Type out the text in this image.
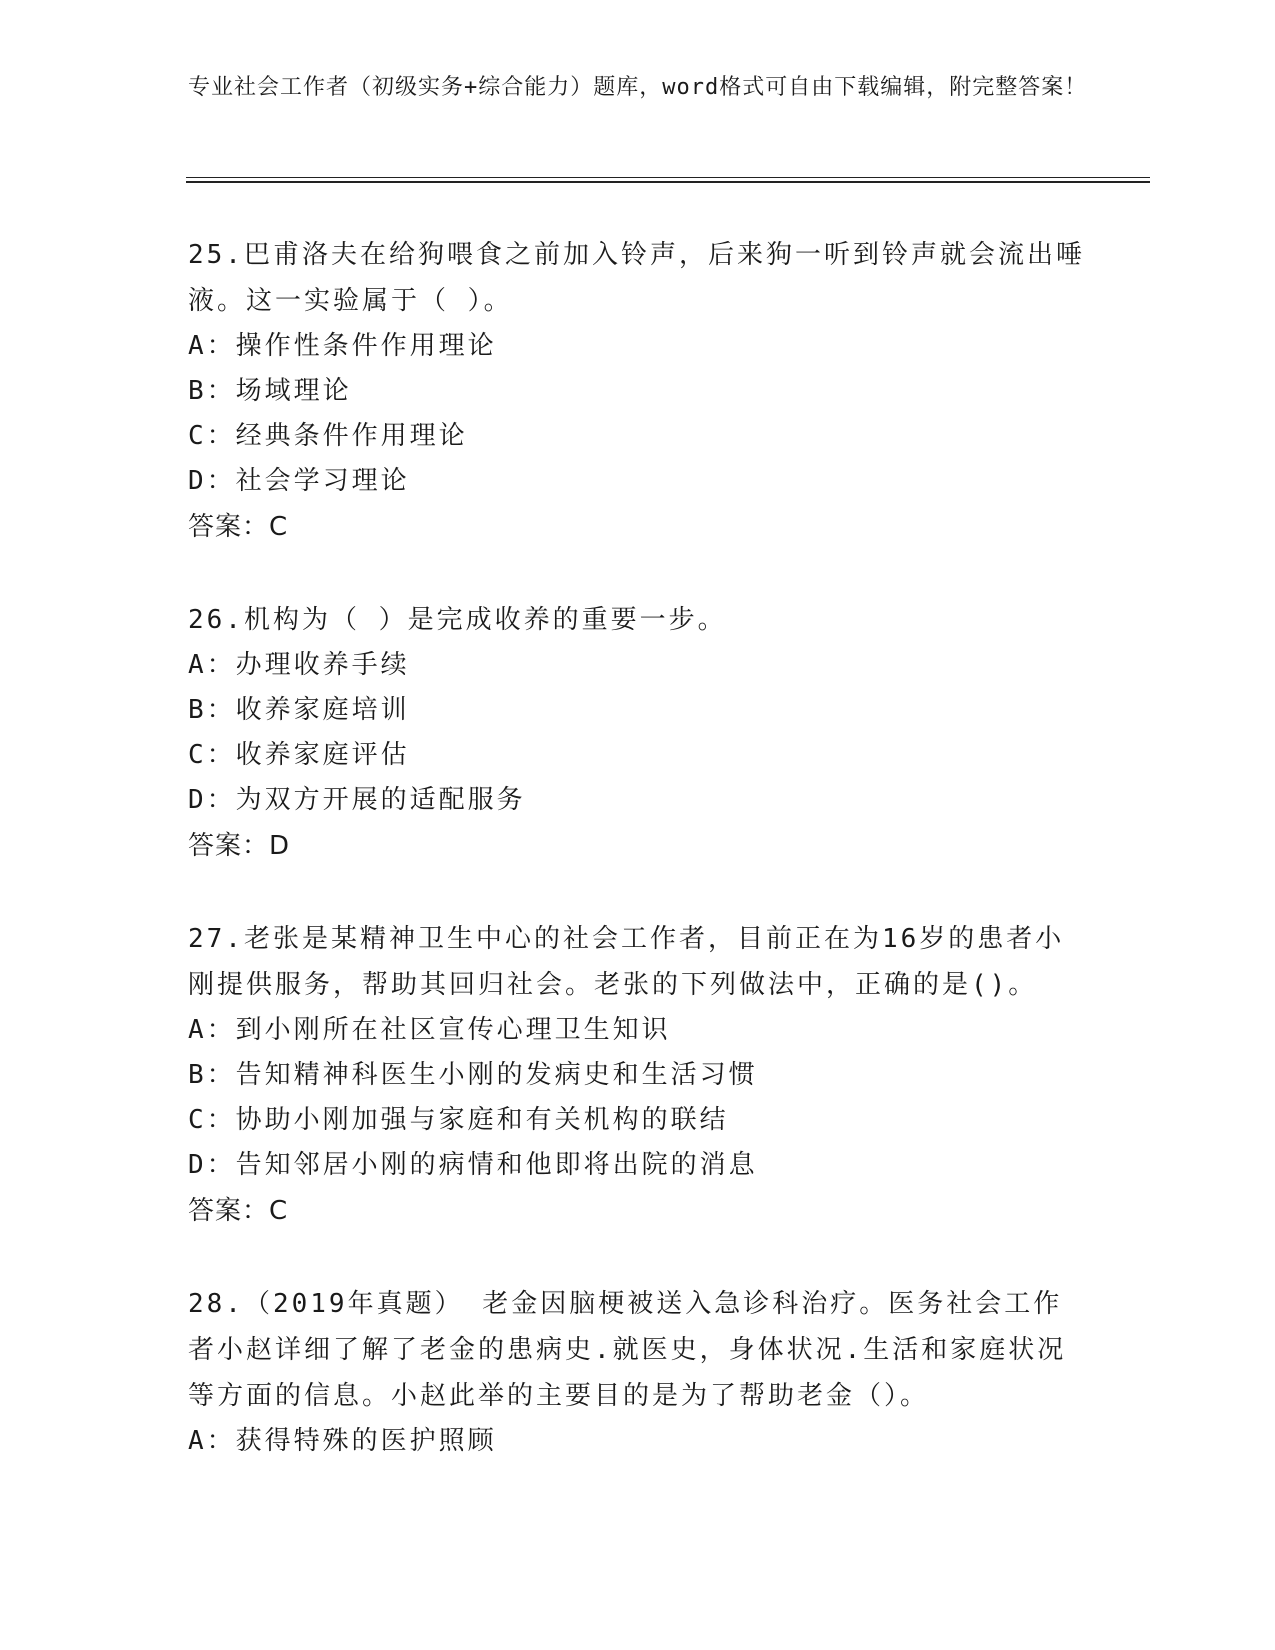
专业社会工作者（初级实务+综合能力）题库，word格式可自由下载编辑，附完整答案！

25.巴甫洛夫在给狗喂食之前加入铃声，后来狗一听到铃声就会流出唾液。这一实验属于（ ）。

A：操作性条件作用理论

B：场域理论

C：经典条件作用理论

D：社会学习理论

答案：C

26.机构为（ ）是完成收养的重要一步。

A：办理收养手续

B：收养家庭培训

C：收养家庭评估

D：为双方开展的适配服务

答案：D

27.老张是某精神卫生中心的社会工作者，目前正在为16岁的患者小刚提供服务，帮助其回归社会。老张的下列做法中，正确的是()。

A：到小刚所在社区宣传心理卫生知识

B：告知精神科医生小刚的发病史和生活习惯

C：协助小刚加强与家庭和有关机构的联结

D：告知邻居小刚的病情和他即将出院的消息

答案：C

28.（2019年真题） 老金因脑梗被送入急诊科治疗。医务社会工作者小赵详细了解了老金的患病史.就医史，身体状况.生活和家庭状况等方面的信息。小赵此举的主要目的是为了帮助老金（）。

A：获得特殊的医护照顾
